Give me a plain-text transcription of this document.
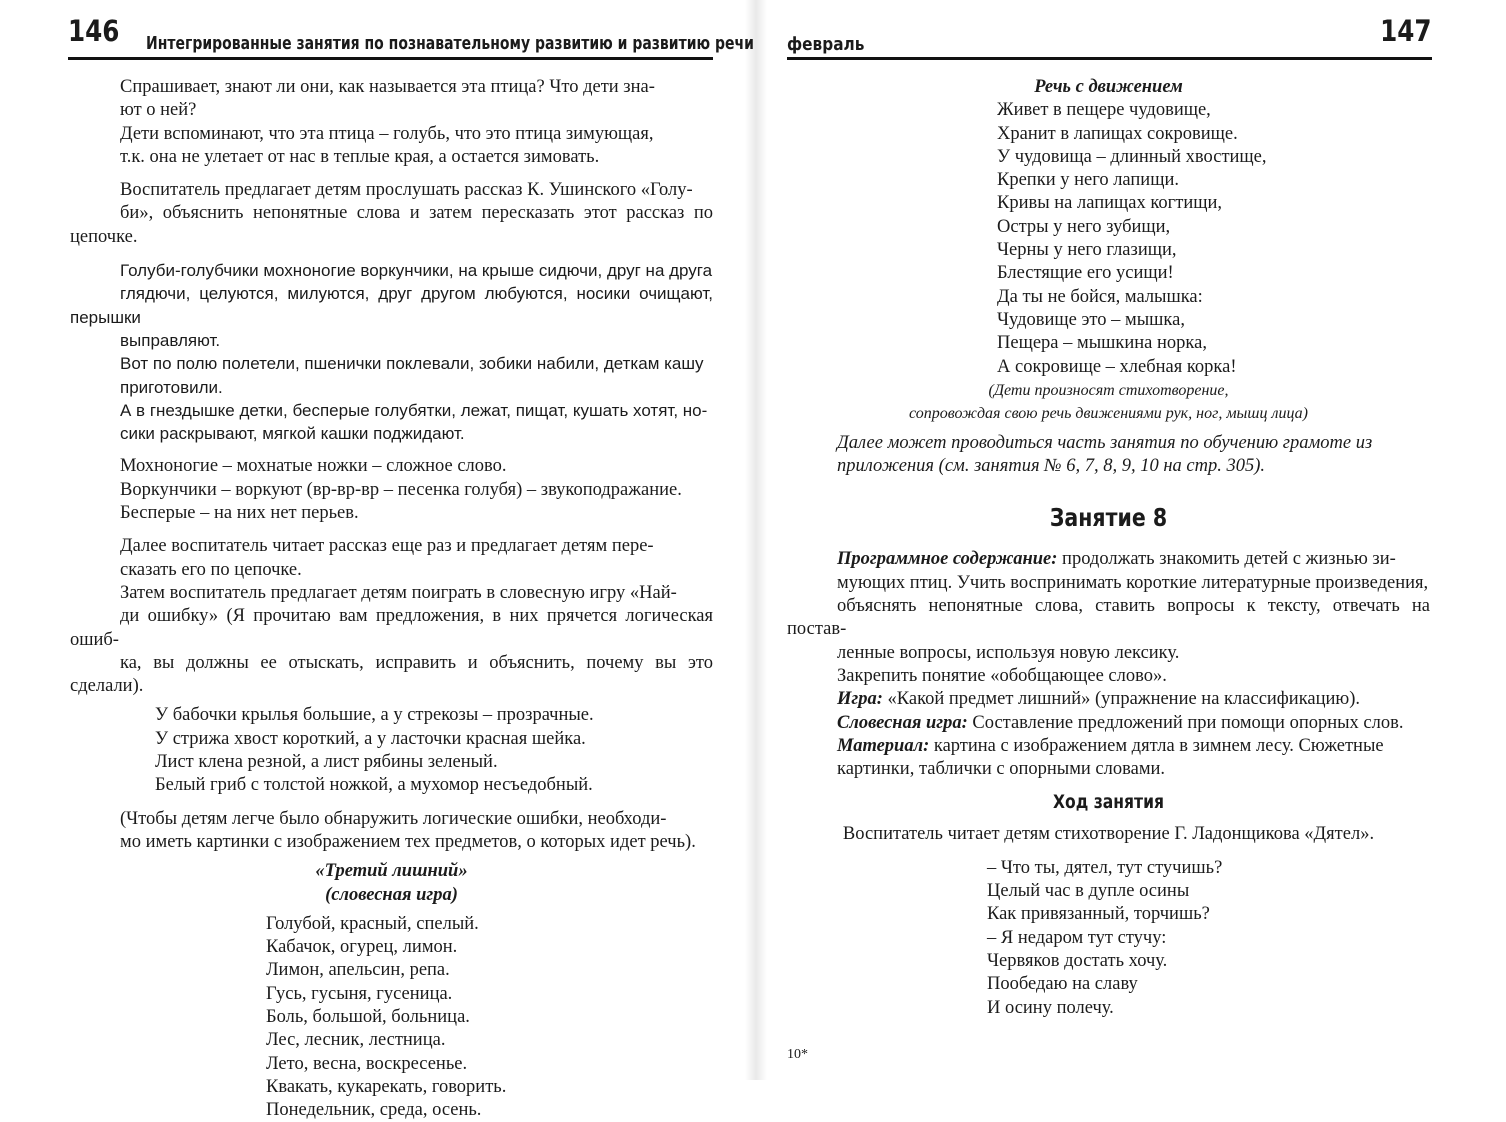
146 Интегрированные занятия по познавательному развитию и развитию речи

Спрашивает, знают ли они, как называется эта птица? Что дети зна-
ют о ней?

Дети вспоминают, что эта птица – голубь, что это птица зимующая,
т.к. она не улетает от нас в теплые края, а остается зимовать.

Воспитатель предлагает детям прослушать рассказ К. Ушинского «Голу-
би», объяснить непонятные слова и затем пересказать этот рассказ по цепочке.

Голуби-голубчики мохноногие воркунчики, на крыше сидючи, друг на друга
глядючи, целуются, милуются, друг другом любуются, носики очищают, перышки
выправляют.

Вот по полю полетели, пшенички поклевали, зобики набили, деткам кашу
приготовили.

А в гнездышке детки, бесперые голубятки, лежат, пищат, кушать хотят, но-
сики раскрывают, мягкой кашки поджидают.

Мохноногие – мохнатые ножки – сложное слово.
Воркунчики – воркуют (вр-вр-вр – песенка голубя) – звукоподражание.
Бесперые – на них нет перьев.

Далее воспитатель читает рассказ еще раз и предлагает детям пере-
сказать его по цепочке.

Затем воспитатель предлагает детям поиграть в словесную игру «Най-
ди ошибку» (Я прочитаю вам предложения, в них прячется логическая ошиб-
ка, вы должны ее отыскать, исправить и объяснить, почему вы это сделали).

У бабочки крылья большие, а у стрекозы – прозрачные.
У стрижа хвост короткий, а у ласточки красная шейка.
Лист клена резной, а лист рябины зеленый.
Белый гриб с толстой ножкой, а мухомор несъедобный.

(Чтобы детям легче было обнаружить логические ошибки, необходи-
мо иметь картинки с изображением тех предметов, о которых идет речь).

«Третий лишний»
(словесная игра)
Голубой, красный, спелый.
Кабачок, огурец, лимон.
Лимон, апельсин, репа.
Гусь, гусыня, гусеница.
Боль, большой, больница.
Лес, лесник, лестница.
Лето, весна, воскресенье.
Квакать, кукарекать, говорить.
Понедельник, среда, осень.
февраль	147
Речь с движением
Живет в пещере чудовище,
Хранит в лапищах сокровище.
У чудовища – длинный хвостище,
Крепки у него лапищи.
Кривы на лапищах когтищи,
Остры у него зубищи,
Черны у него глазищи,
Блестящие его усищи!
Да ты не бойся, малышка:
Чудовище это – мышка,
Пещера – мышкина норка,
А сокровище – хлебная корка!
(Дети произносят стихотворение,
сопровождая свою речь движениями рук, ног, мышц лица)

Далее может проводиться часть занятия по обучению грамоте из
приложения (см. занятия № 6, 7, 8, 9, 10 на стр. 305).

Занятие 8

Программное содержание: продолжать знакомить детей с жизнью зи-
мующих птиц. Учить воспринимать короткие литературные произведения,
объяснять непонятные слова, ставить вопросы к тексту, отвечать на постав-
ленные вопросы, используя новую лексику.

Закрепить понятие «обобщающее слово».

Игра: «Какой предмет лишний» (упражнение на классификацию).

Словесная игра: Составление предложений при помощи опорных слов.

Материал: картина с изображением дятла в зимнем лесу. Сюжетные
картинки, таблички с опорными словами.

Ход занятия

Воспитатель читает детям стихотворение Г. Ладонщикова «Дятел».

– Что ты, дятел, тут стучишь?
Целый час в дупле осины
Как привязанный, торчишь?
– Я недаром тут стучу:
Червяков достать хочу.
Пообедаю на славу
И осину полечу.
10*
